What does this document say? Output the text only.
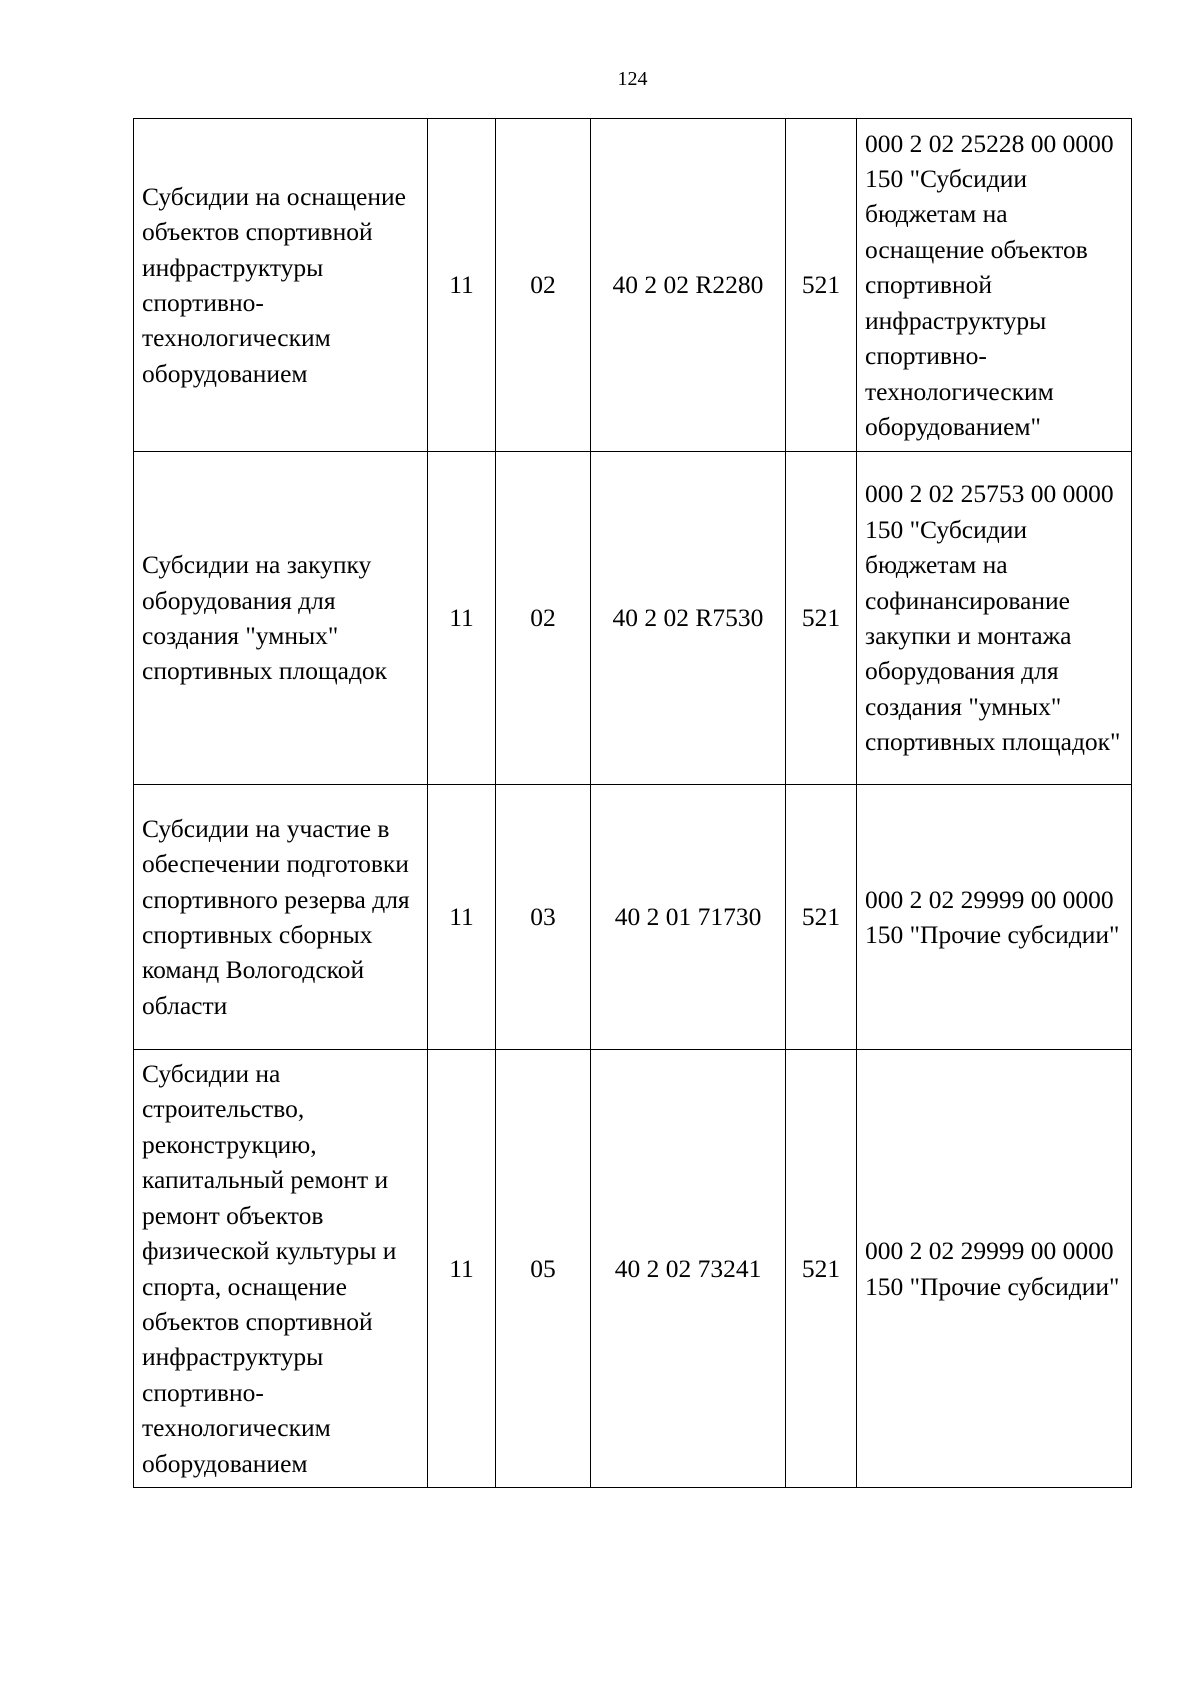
124
Субсидии на оснащение объектов спортивной инфраструктуры спортивно-технологическим оборудованием	11	02	40 2 02 R2280	521	000 2 02 25228 00 0000 150 "Субсидии бюджетам на оснащение объектов спортивной инфраструктуры спортивно-технологическим оборудованием"

Субсидии на закупку оборудования для создания "умных" спортивных площадок	11	02	40 2 02 R7530	521	000 2 02 25753 00 0000 150 "Субсидии бюджетам на софинансирование закупки и монтажа оборудования для создания "умных" спортивных площадок"

Субсидии на участие в обеспечении подготовки спортивного резерва для спортивных сборных команд Вологодской области	11	03	40 2 01 71730	521	000 2 02 29999 00 0000 150 "Прочие субсидии"

Субсидии на строительство, реконструкцию, капитальный ремонт и ремонт объектов физической культуры и спорта, оснащение объектов спортивной инфраструктуры спортивно-технологическим оборудованием	11	05	40 2 02 73241	521	000 2 02 29999 00 0000 150 "Прочие субсидии"
